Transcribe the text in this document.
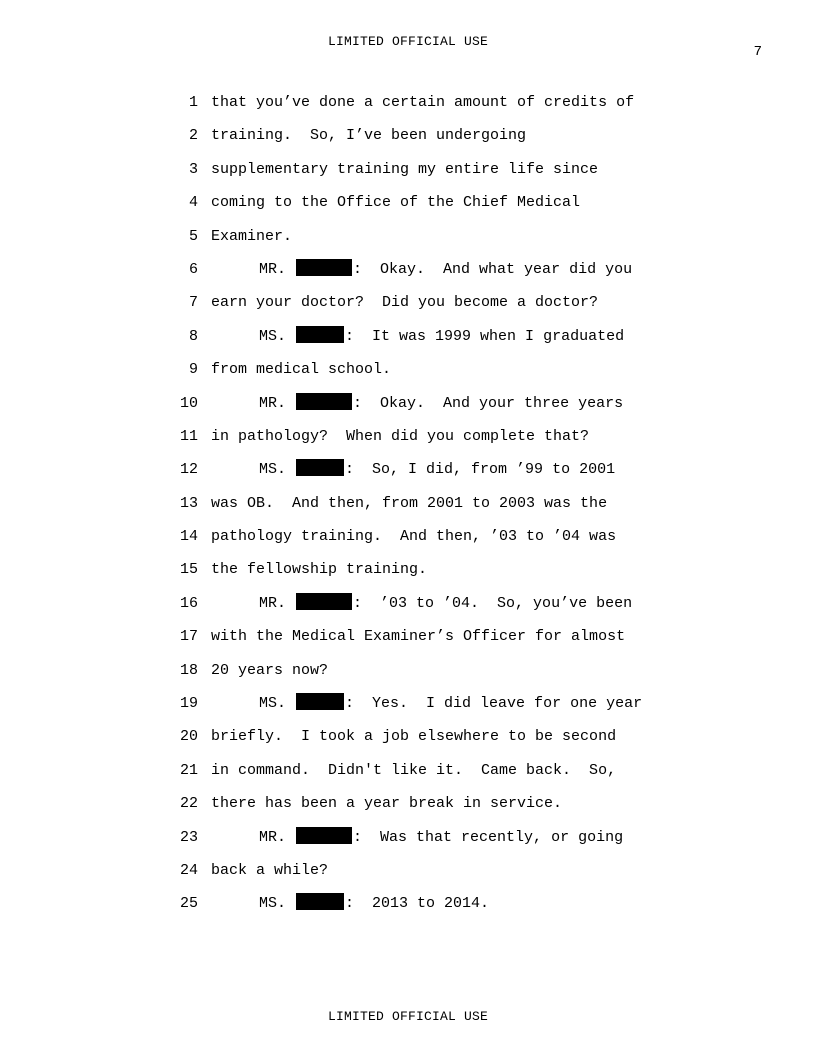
LIMITED OFFICIAL USE
7
1 that you’ve done a certain amount of credits of
2 training.  So, I’ve been undergoing
3 supplementary training my entire life since
4 coming to the Office of the Chief Medical
5 Examiner.
6	MR.	:  Okay.  And what year did you
7 earn your doctor?  Did you become a doctor?
8	MS.	:  It was 1999 when I graduated
9 from medical school.
10	MR.	:  Okay.  And your three years
11 in pathology?  When did you complete that?
12	MS.	:  So, I did, from ’99 to 2001
13 was OB.  And then, from 2001 to 2003 was the
14 pathology training.  And then, ’03 to ’04 was
15 the fellowship training.
16	MR.	:  ’03 to ’04.  So, you’ve been
17 with the Medical Examiner’s Officer for almost
18 20 years now?
19	MS.	:  Yes.  I did leave for one year
20 briefly.  I took a job elsewhere to be second
21 in command.  Didn't like it.  Came back.  So,
22 there has been a year break in service.
23	MR.	:  Was that recently, or going
24 back a while?
25	MS.	:  2013 to 2014.
LIMITED OFFICIAL USE
